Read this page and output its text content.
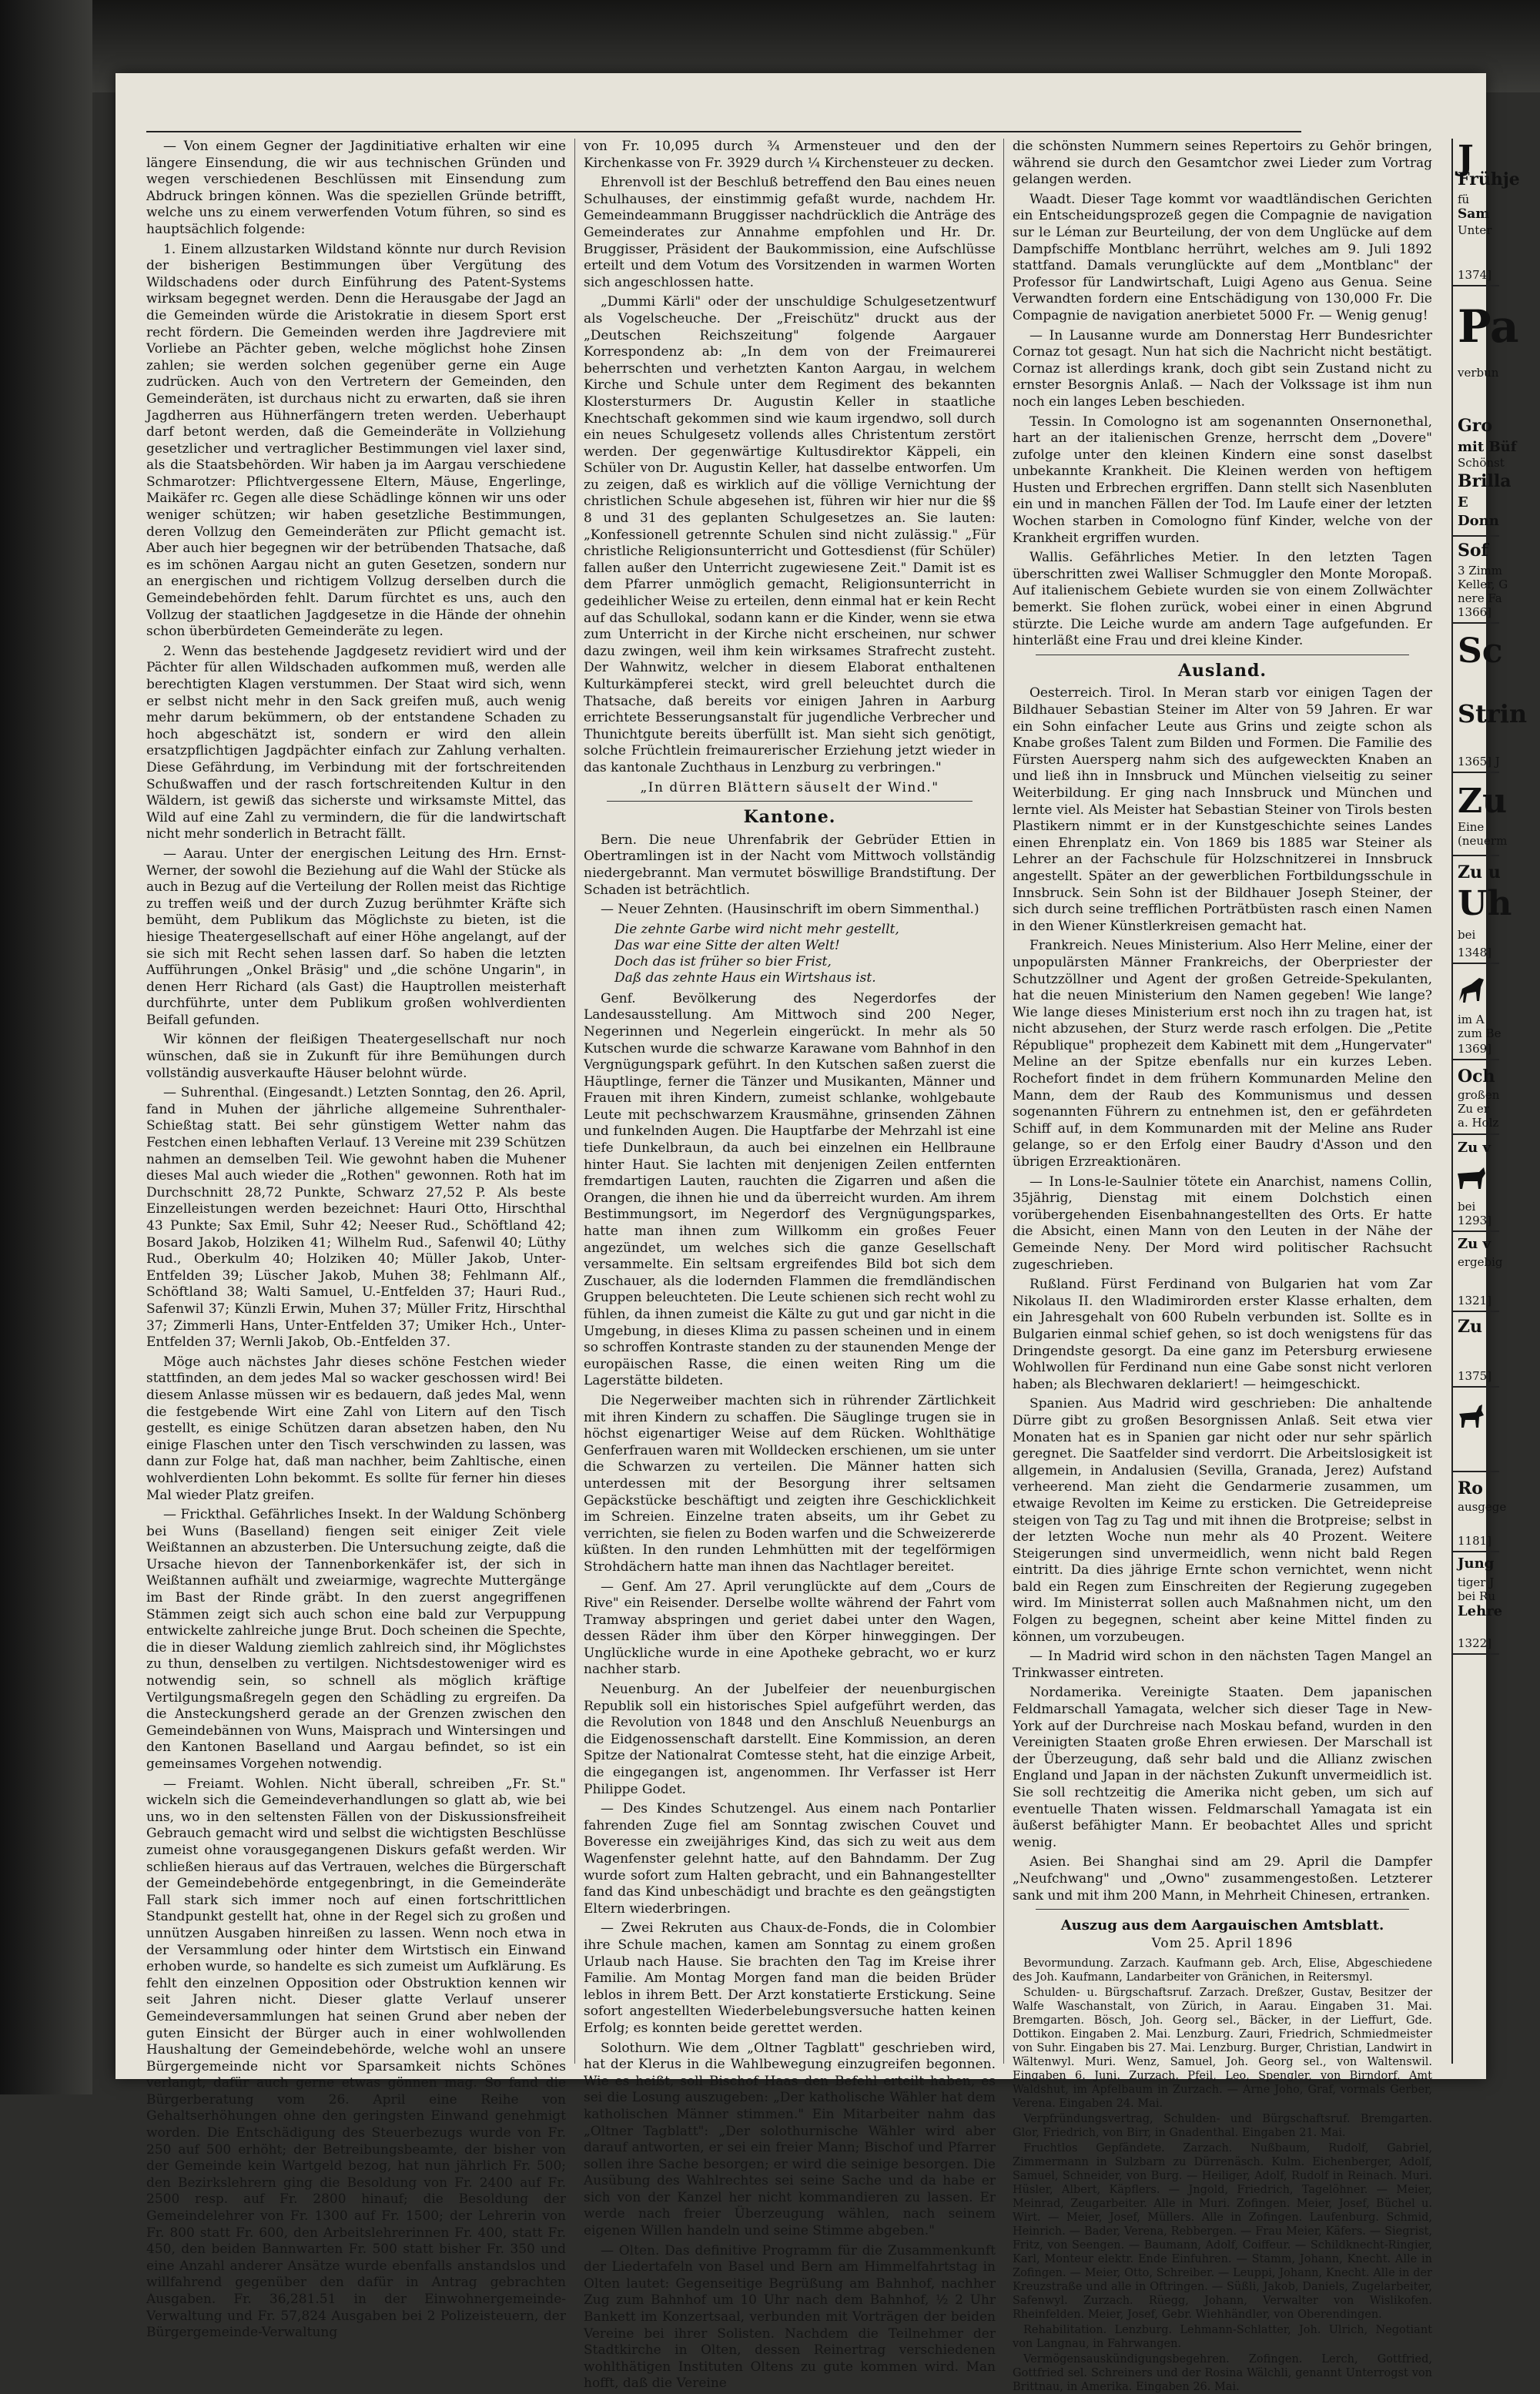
— Von einem Gegner der Jagdinitiative erhalten wir eine längere Einsendung, die wir aus technischen Gründen und wegen verschiedenen Beschlüssen mit Einsendung zum Abdruck bringen können. Was die speziellen Gründe betrifft, welche uns zu einem verwerfenden Votum führen, so sind es hauptsächlich folgende:

1. Einem allzustarken Wildstand könnte nur durch Revision der bisherigen Bestimmungen über Vergütung des Wildschadens oder durch Einführung des Patent-Systems wirksam begegnet werden. Denn die Herausgabe der Jagd an die Gemeinden würde die Aristokratie in diesem Sport erst recht fördern. Die Gemeinden werden ihre Jagdreviere mit Vorliebe an Pächter geben, welche möglichst hohe Zinsen zahlen; sie werden solchen gegenüber gerne ein Auge zudrücken. Auch von den Vertretern der Gemeinden, den Gemeinderäten, ist durchaus nicht zu erwarten, daß sie ihren Jagdherren aus Hühnerfängern treten werden. Ueberhaupt darf betont werden, daß die Gemeinderäte in Vollziehung gesetzlicher und vertraglicher Bestimmungen viel laxer sind, als die Staatsbehörden. Wir haben ja im Aargau verschiedene Schmarotzer: Pflichtvergessene Eltern, Mäuse, Engerlinge, Maikäfer rc. Gegen alle diese Schädlinge können wir uns oder weniger schützen; wir haben gesetzliche Bestimmungen, deren Vollzug den Gemeinderäten zur Pflicht gemacht ist. Aber auch hier begegnen wir der betrübenden Thatsache, daß es im schönen Aargau nicht an guten Gesetzen, sondern nur an energischen und richtigem Vollzug derselben durch die Gemeindebehörden fehlt. Darum fürchtet es uns, auch den Vollzug der staatlichen Jagdgesetze in die Hände der ohnehin schon überbürdeten Gemeinderäte zu legen.

2. Wenn das bestehende Jagdgesetz revidiert wird und der Pächter für allen Wildschaden aufkommen muß, werden alle berechtigten Klagen verstummen. Der Staat wird sich, wenn er selbst nicht mehr in den Sack greifen muß, auch wenig mehr darum bekümmern, ob der entstandene Schaden zu hoch abgeschätzt ist, sondern er wird den allein ersatzpflichtigen Jagdpächter einfach zur Zahlung verhalten. Diese Gefährdung, im Verbindung mit der fortschreitenden Schußwaffen und der rasch fortschreitenden Kultur in den Wäldern, ist gewiß das sicherste und wirksamste Mittel, das Wild auf eine Zahl zu vermindern, die für die landwirtschaft nicht mehr sonderlich in Betracht fällt.

— Aarau. Unter der energischen Leitung des Hrn. Ernst-Werner, der sowohl die Beziehung auf die Wahl der Stücke als auch in Bezug auf die Verteilung der Rollen meist das Richtige zu treffen weiß und der durch Zuzug berühmter Kräfte sich bemüht, dem Publikum das Möglichste zu bieten, ist die hiesige Theatergesellschaft auf einer Höhe angelangt, auf der sie sich mit Recht sehen lassen darf. So haben die letzten Aufführungen „Onkel Bräsig" und „die schöne Ungarin", in denen Herr Richard (als Gast) die Hauptrollen meisterhaft durchführte, unter dem Publikum großen wohlverdienten Beifall gefunden.

Wir können der fleißigen Theatergesellschaft nur noch wünschen, daß sie in Zukunft für ihre Bemühungen durch vollständig ausverkaufte Häuser belohnt würde.

— Suhrenthal. (Eingesandt.) Letzten Sonntag, den 26. April, fand in Muhen der jährliche allgemeine Suhrenthaler-Schießtag statt. Bei sehr günstigem Wetter nahm das Festchen einen lebhaften Verlauf. 13 Vereine mit 239 Schützen nahmen an demselben Teil. Wie gewohnt haben die Muhener dieses Mal auch wieder die „Rothen" gewonnen. Roth hat im Durchschnitt 28,72 Punkte, Schwarz 27,52 P. Als beste Einzelleistungen werden bezeichnet: Hauri Otto, Hirschthal 43 Punkte; Sax Emil, Suhr 42; Neeser Rud., Schöftland 42; Bosard Jakob, Holziken 41; Wilhelm Rud., Safenwil 40; Lüthy Rud., Oberkulm 40; Holziken 40; Müller Jakob, Unter-Entfelden 39; Lüscher Jakob, Muhen 38; Fehlmann Alf., Schöftland 38; Walti Samuel, U.-Entfelden 37; Hauri Rud., Safenwil 37; Künzli Erwin, Muhen 37; Müller Fritz, Hirschthal 37; Zimmerli Hans, Unter-Entfelden 37; Umiker Hch., Unter-Entfelden 37; Wernli Jakob, Ob.-Entfelden 37.

Möge auch nächstes Jahr dieses schöne Festchen wieder stattfinden, an dem jedes Mal so wacker geschossen wird! Bei diesem Anlasse müssen wir es bedauern, daß jedes Mal, wenn die festgebende Wirt eine Zahl von Litern auf den Tisch gestellt, es einige Schützen daran absetzen haben, den Nu einige Flaschen unter den Tisch verschwinden zu lassen, was dann zur Folge hat, daß man nachher, beim Zahltische, einen wohlverdienten Lohn bekommt. Es sollte für ferner hin dieses Mal wieder Platz greifen.

— Frickthal. Gefährliches Insekt. In der Waldung Schönberg bei Wuns (Baselland) fiengen seit einiger Zeit viele Weißtannen an abzusterben. Die Untersuchung zeigte, daß die Ursache hievon der Tannenborkenkäfer ist, der sich in Weißtannen aufhält und zweiarmige, wagrechte Muttergänge im Bast der Rinde gräbt. In den zuerst angegriffenen Stämmen zeigt sich auch schon eine bald zur Verpuppung entwickelte zahlreiche junge Brut. Doch scheinen die Spechte, die in dieser Waldung ziemlich zahlreich sind, ihr Möglichstes zu thun, denselben zu vertilgen. Nichtsdestoweniger wird es notwendig sein, so schnell als möglich kräftige Vertilgungsmaßregeln gegen den Schädling zu ergreifen. Da die Ansteckungsherd gerade an der Grenzen zwischen den Gemeindebännen von Wuns, Maisprach und Wintersingen und den Kantonen Baselland und Aargau befindet, so ist ein gemeinsames Vorgehen notwendig.

— Freiamt. Wohlen. Nicht überall, schreiben „Fr. St." wickeln sich die Gemeindeverhandlungen so glatt ab, wie bei uns, wo in den seltensten Fällen von der Diskussionsfreiheit Gebrauch gemacht wird und selbst die wichtigsten Beschlüsse zumeist ohne vorausgegangenen Diskurs gefaßt werden. Wir schließen hieraus auf das Vertrauen, welches die Bürgerschaft der Gemeindebehörde entgegenbringt, in die Gemeinderäte Fall stark sich immer noch auf einen fortschrittlichen Standpunkt gestellt hat, ohne in der Regel sich zu großen und unnützen Ausgaben hinreißen zu lassen. Wenn noch etwa in der Versammlung oder hinter dem Wirtstisch ein Einwand erhoben wurde, so handelte es sich zumeist um Aufklärung. Es fehlt den einzelnen Opposition oder Obstruktion kennen wir seit Jahren nicht. Dieser glatte Verlauf unserer Gemeindeversammlungen hat seinen Grund aber neben der guten Einsicht der Bürger auch in einer wohlwollenden Haushaltung der Gemeindebehörde, welche wohl an unsere Bürgergemeinde nicht vor Sparsamkeit nichts Schönes verlangt, dafür auch gerne etwas gönnen mag. So fand die Bürgerberatung vom 26. April eine Reihe von Gehaltserhöhungen ohne den geringsten Einwand genehmigt worden. Die Entschädigung des Steuerbezugs wurde von Fr. 250 auf 500 erhöht; der Betreibungsbeamte, der bisher von der Gemeinde kein Wartgeld bezog, hat nun jährlich Fr. 500; den Bezirkslehrern ging die Besoldung von Fr. 2400 auf Fr. 2500 resp. auf Fr. 2800 hinauf; die Besoldung der Gemeindelehrer von Fr. 1300 auf Fr. 1500; der Lehrerin von Fr. 800 statt Fr. 600, den Arbeitslehrerinnen Fr. 400, statt Fr. 450, den beiden Bannwarten Fr. 500 statt bisher Fr. 350 und eine Anzahl anderer Ansätze wurde ebenfalls anstandslos und willfahrend gegenüber den dafür in Antrag gebrachten Ausgaben. Fr. 36,281.51 in der Einwohnergemeinde-Verwaltung und Fr. 57,824 Ausgaben bei 2 Polizeisteuern, der Bürgergemeinde-Verwaltung

von Fr. 10,095 durch ¾ Armensteuer und den der Kirchenkasse von Fr. 3929 durch ¼ Kirchensteuer zu decken.

Ehrenvoll ist der Beschluß betreffend den Bau eines neuen Schulhauses, der einstimmig gefaßt wurde, nachdem Hr. Gemeindeammann Bruggisser nachdrücklich die Anträge des Gemeinderates zur Annahme empfohlen und Hr. Dr. Bruggisser, Präsident der Baukommission, eine Aufschlüsse erteilt und dem Votum des Vorsitzenden in warmen Worten sich angeschlossen hatte.

„Dummi Kärli" oder der unschuldige Schulgesetzentwurf als Vogelscheuche. Der „Freischütz" druckt aus der „Deutschen Reichszeitung" folgende Aargauer Korrespondenz ab: „In dem von der Freimaurerei beherrschten und verhetzten Kanton Aargau, in welchem Kirche und Schule unter dem Regiment des bekannten Klostersturmers Dr. Augustin Keller in staatliche Knechtschaft gekommen sind wie kaum irgendwo, soll durch ein neues Schulgesetz vollends alles Christentum zerstört werden. Der gegenwärtige Kultusdirektor Käppeli, ein Schüler von Dr. Augustin Keller, hat dasselbe entworfen. Um zu zeigen, daß es wirklich auf die völlige Vernichtung der christlichen Schule abgesehen ist, führen wir hier nur die §§ 8 und 31 des geplanten Schulgesetzes an. Sie lauten: „Konfessionell getrennte Schulen sind nicht zulässig." „Für christliche Religionsunterricht und Gottesdienst (für Schüler) fallen außer den Unterricht zugewiesene Zeit." Damit ist es dem Pfarrer unmöglich gemacht, Religionsunterricht in gedeihlicher Weise zu erteilen, denn einmal hat er kein Recht auf das Schullokal, sodann kann er die Kinder, wenn sie etwa zum Unterricht in der Kirche nicht erscheinen, nur schwer dazu zwingen, weil ihm kein wirksames Strafrecht zusteht. Der Wahnwitz, welcher in diesem Elaborat enthaltenen Kulturkämpferei steckt, wird grell beleuchtet durch die Thatsache, daß bereits vor einigen Jahren in Aarburg errichtete Besserungsanstalt für jugendliche Verbrecher und Thunichtgute bereits überfüllt ist. Man sieht sich genötigt, solche Früchtlein freimaurerischer Erziehung jetzt wieder in das kantonale Zuchthaus in Lenzburg zu verbringen."

„In dürren Blättern säuselt der Wind."

Kantone.

Bern. Die neue Uhrenfabrik der Gebrüder Ettien in Obertramlingen ist in der Nacht vom Mittwoch vollständig niedergebrannt. Man vermutet böswillige Brandstiftung. Der Schaden ist beträchtlich.

— Neuer Zehnten. (Hausinschrift im obern Simmenthal.)

Die zehnte Garbe wird nicht mehr gestellt,
Das war eine Sitte der alten Welt!
Doch das ist früher so bier Frist,
Daß das zehnte Haus ein Wirtshaus ist.

Genf. Bevölkerung des Negerdorfes der Landesausstellung. Am Mittwoch sind 200 Neger, Negerinnen und Negerlein eingerückt. In mehr als 50 Kutschen wurde die schwarze Karawane vom Bahnhof in den Vergnügungspark geführt. In den Kutschen saßen zuerst die Häuptlinge, ferner die Tänzer und Musikanten, Männer und Frauen mit ihren Kindern, zumeist schlanke, wohlgebaute Leute mit pechschwarzem Krausmähne, grinsenden Zähnen und funkelnden Augen. Die Hauptfarbe der Mehrzahl ist eine tiefe Dunkelbraun, da auch bei einzelnen ein Hellbraune hinter Haut. Sie lachten mit denjenigen Zeilen entfernten fremdartigen Lauten, rauchten die Zigarren und aßen die Orangen, die ihnen hie und da überreicht wurden. Am ihrem Bestimmungsort, im Negerdorf des Vergnügungsparkes, hatte man ihnen zum Willkomm ein großes Feuer angezündet, um welches sich die ganze Gesellschaft versammelte. Ein seltsam ergreifendes Bild bot sich dem Zuschauer, als die lodernden Flammen die fremdländischen Gruppen beleuchteten. Die Leute schienen sich recht wohl zu fühlen, da ihnen zumeist die Kälte zu gut und gar nicht in die Umgebung, in dieses Klima zu passen scheinen und in einem so schroffen Kontraste standen zu der staunenden Menge der europäischen Rasse, die einen weiten Ring um die Lagerstätte bildeten.

Die Negerweiber machten sich in rührender Zärtlichkeit mit ihren Kindern zu schaffen. Die Säuglinge trugen sie in höchst eigenartiger Weise auf dem Rücken. Wohlthätige Genferfrauen waren mit Wolldecken erschienen, um sie unter die Schwarzen zu verteilen. Die Männer hatten sich unterdessen mit der Besorgung ihrer seltsamen Gepäckstücke beschäftigt und zeigten ihre Geschicklichkeit im Schreien. Einzelne traten abseits, um ihr Gebet zu verrichten, sie fielen zu Boden warfen und die Schweizererde küßten. In den runden Lehmhütten mit der tegelförmigen Strohdächern hatte man ihnen das Nachtlager bereitet.

— Genf. Am 27. April verunglückte auf dem „Cours de Rive" ein Reisender. Derselbe wollte während der Fahrt vom Tramway abspringen und geriet dabei unter den Wagen, dessen Räder ihm über den Körper hinweggingen. Der Unglückliche wurde in eine Apotheke gebracht, wo er kurz nachher starb.

Neuenburg. An der Jubelfeier der neuenburgischen Republik soll ein historisches Spiel aufgeführt werden, das die Revolution von 1848 und den Anschluß Neuenburgs an die Eidgenossenschaft darstellt. Eine Kommission, an deren Spitze der Nationalrat Comtesse steht, hat die einzige Arbeit, die eingegangen ist, angenommen. Ihr Verfasser ist Herr Philippe Godet.

— Des Kindes Schutzengel. Aus einem nach Pontarlier fahrenden Zuge fiel am Sonntag zwischen Couvet und Boveresse ein zweijähriges Kind, das sich zu weit aus dem Wagenfenster gelehnt hatte, auf den Bahndamm. Der Zug wurde sofort zum Halten gebracht, und ein Bahnangestellter fand das Kind unbeschädigt und brachte es den geängstigten Eltern wiederbringen.

— Zwei Rekruten aus Chaux-de-Fonds, die in Colombier ihre Schule machen, kamen am Sonntag zu einem großen Urlaub nach Hause. Sie brachten den Tag im Kreise ihrer Familie. Am Montag Morgen fand man die beiden Brüder leblos in ihrem Bett. Der Arzt konstatierte Erstickung. Seine sofort angestellten Wiederbelebungsversuche hatten keinen Erfolg; es konnten beide gerettet werden.

Solothurn. Wie dem „Oltner Tagblatt" geschrieben wird, hat der Klerus in die Wahlbewegung einzugreifen begonnen. Wie es heißt, soll Bischof Haas den Befehl erteilt haben, es sei die Losung auszugeben: „Der katholische Wähler hat dem katholischen Männer stimmen." Ein Mitarbeiter nahm das „Oltner Tagblatt": „Der solothurnische Wähler wird aber darauf antworten, er sei ein freier Mann; Bischof und Pfarrer sollen ihre Sache besorgen; er wird die seinige besorgen. Die Ausübung des Wahlrechtes sei seine Sache und da habe er sich von der Kanzel her nicht kommandieren zu lassen. Er werde nach freier Überzeugung wählen, nach seinem eigenen Willen handeln und seine Stimme abgeben."

— Olten. Das definitive Programm für die Zusammenkunft der Liedertafeln von Basel und Bern am Himmelfahrtstag in Olten lautet: Gegenseitige Begrüßung am Bahnhof, nachher Zug zum Bahnhof um 10 Uhr nach dem Bahnhof, ½ 2 Uhr Bankett im Konzertsaal, verbunden mit Vorträgen der beiden Vereine bei ihrer Solisten. Nachdem die Teilnehmer der Stadtkirche in Olten, dessen Reinertrag verschiedenen wohlthätigen Instituten Oltens zu gute kommen wird. Man hofft, daß die Vereine

die schönsten Nummern seines Repertoirs zu Gehör bringen, während sie durch den Gesamtchor zwei Lieder zum Vortrag gelangen werden.

Waadt. Dieser Tage kommt vor waadtländischen Gerichten ein Entscheidungsprozeß gegen die Compagnie de navigation sur le Léman zur Beurteilung, der von dem Unglücke auf dem Dampfschiffe Montblanc herrührt, welches am 9. Juli 1892 stattfand. Damals verunglückte auf dem „Montblanc" der Professor für Landwirtschaft, Luigi Ageno aus Genua. Seine Verwandten fordern eine Entschädigung von 130,000 Fr. Die Compagnie de navigation anerbietet 5000 Fr. — Wenig genug!

— In Lausanne wurde am Donnerstag Herr Bundesrichter Cornaz tot gesagt. Nun hat sich die Nachricht nicht bestätigt. Cornaz ist allerdings krank, doch gibt sein Zustand nicht zu ernster Besorgnis Anlaß. — Nach der Volkssage ist ihm nun noch ein langes Leben beschieden.

Tessin. In Comologno ist am sogenannten Onsernonethal, hart an der italienischen Grenze, herrscht dem „Dovere" zufolge unter den kleinen Kindern eine sonst daselbst unbekannte Krankheit. Die Kleinen werden von heftigem Husten und Erbrechen ergriffen. Dann stellt sich Nasenbluten ein und in manchen Fällen der Tod. Im Laufe einer der letzten Wochen starben in Comologno fünf Kinder, welche von der Krankheit ergriffen wurden.

Wallis. Gefährliches Metier. In den letzten Tagen überschritten zwei Walliser Schmuggler den Monte Moropaß. Auf italienischem Gebiete wurden sie von einem Zollwächter bemerkt. Sie flohen zurück, wobei einer in einen Abgrund stürzte. Die Leiche wurde am andern Tage aufgefunden. Er hinterläßt eine Frau und drei kleine Kinder.

Ausland.

Oesterreich. Tirol. In Meran starb vor einigen Tagen der Bildhauer Sebastian Steiner im Alter von 59 Jahren. Er war ein Sohn einfacher Leute aus Grins und zeigte schon als Knabe großes Talent zum Bilden und Formen. Die Familie des Fürsten Auersperg nahm sich des aufgeweckten Knaben an und ließ ihn in Innsbruck und München vielseitig zu seiner Weiterbildung. Er ging nach Innsbruck und München und lernte viel. Als Meister hat Sebastian Steiner von Tirols besten Plastikern nimmt er in der Kunstgeschichte seines Landes einen Ehrenplatz ein. Von 1869 bis 1885 war Steiner als Lehrer an der Fachschule für Holzschnitzerei in Innsbruck angestellt. Später an der gewerblichen Fortbildungsschule in Innsbruck. Sein Sohn ist der Bildhauer Joseph Steiner, der sich durch seine trefflichen Porträtbüsten rasch einen Namen in den Wiener Künstlerkreisen gemacht hat.

Frankreich. Neues Ministerium. Also Herr Meline, einer der unpopulärsten Männer Frankreichs, der Oberpriester der Schutzzöllner und Agent der großen Getreide-Spekulanten, hat die neuen Ministerium den Namen gegeben! Wie lange? Wie lange dieses Ministerium erst noch ihn zu tragen hat, ist nicht abzusehen, der Sturz werde rasch erfolgen. Die „Petite République" prophezeit dem Kabinett mit dem „Hungervater" Meline an der Spitze ebenfalls nur ein kurzes Leben. Rochefort findet in dem frühern Kommunarden Meline den Mann, dem der Raub des Kommunismus und dessen sogenannten Führern zu entnehmen ist, den er gefährdeten Schiff auf, in dem Kommunarden mit der Meline ans Ruder gelange, so er den Erfolg einer Baudry d'Asson und den übrigen Erzreaktionären.

— In Lons-le-Saulnier tötete ein Anarchist, namens Collin, 35jährig, Dienstag mit einem Dolchstich einen vorübergehenden Eisenbahnangestellten des Orts. Er hatte die Absicht, einen Mann von den Leuten in der Nähe der Gemeinde Neny. Der Mord wird politischer Rachsucht zugeschrieben.

Rußland. Fürst Ferdinand von Bulgarien hat vom Zar Nikolaus II. den Wladimirorden erster Klasse erhalten, dem ein Jahresgehalt von 600 Rubeln verbunden ist. Sollte es in Bulgarien einmal schief gehen, so ist doch wenigstens für das Dringendste gesorgt. Da eine ganz im Petersburg erwiesene Wohlwollen für Ferdinand nun eine Gabe sonst nicht verloren haben; als Blechwaren deklariert! — heimgeschickt.

Spanien. Aus Madrid wird geschrieben: Die anhaltende Dürre gibt zu großen Besorgnissen Anlaß. Seit etwa vier Monaten hat es in Spanien gar nicht oder nur sehr spärlich geregnet. Die Saatfelder sind verdorrt. Die Arbeitslosigkeit ist allgemein, in Andalusien (Sevilla, Granada, Jerez) Aufstand verheerend. Man zieht die Gendarmerie zusammen, um etwaige Revolten im Keime zu ersticken. Die Getreidepreise steigen von Tag zu Tag und mit ihnen die Brotpreise; selbst in der letzten Woche nun mehr als 40 Prozent. Weitere Steigerungen sind unvermeidlich, wenn nicht bald Regen eintritt. Da dies jährige Ernte schon vernichtet, wenn nicht bald ein Regen zum Einschreiten der Regierung zugegeben wird. Im Ministerrat sollen auch Maßnahmen nicht, um den Folgen zu begegnen, scheint aber keine Mittel finden zu können, um vorzubeugen.

— In Madrid wird schon in den nächsten Tagen Mangel an Trinkwasser eintreten.

Nordamerika. Vereinigte Staaten. Dem japanischen Feldmarschall Yamagata, welcher sich dieser Tage in New-York auf der Durchreise nach Moskau befand, wurden in den Vereinigten Staaten große Ehren erwiesen. Der Marschall ist der Überzeugung, daß sehr bald und die Allianz zwischen England und Japan in der nächsten Zukunft unvermeidlich ist. Sie soll rechtzeitig die Amerika nicht geben, um sich auf eventuelle Thaten wissen. Feldmarschall Yamagata ist ein äußerst befähigter Mann. Er beobachtet Alles und spricht wenig.

Asien. Bei Shanghai sind am 29. April die Dampfer „Neufchwang" und „Owno" zusammengestoßen. Letzterer sank und mit ihm 200 Mann, in Mehrheit Chinesen, ertranken.

Auszug aus dem Aargauischen Amtsblatt.
Vom 25. April 1896

Bevormundung. Zarzach. Kaufmann geb. Arch, Elise, Abgeschiedene des Joh. Kaufmann, Landarbeiter von Gränichen, in Reitersmyl.

Schulden- u. Bürgschaftsruf. Zarzach. Dreßzer, Gustav, Besitzer der Walfe Waschanstalt, von Zürich, in Aarau. Eingaben 31. Mai. Bremgarten. Bösch, Joh. Georg sel., Bäcker, in der Lieffurt, Gde. Dottikon. Eingaben 2. Mai. Lenzburg. Zauri, Friedrich, Schmiedmeister von Suhr. Eingaben bis 27. Mai. Lenzburg. Burger, Christian, Landwirt in Wältenwyl. Muri. Wenz, Samuel, Joh. Georg sel., von Waltenswil. Eingaben 6. Juni. Zurzach. Pfeil, Leo, Spengler, von Birndorf, Amt Waldshut, im Apfelbaum in Zurzach. — Arne Joho, Graf, vormals Gerber, Verena. Eingaben 24. Mai.

Verpfründungsvertrag, Schulden- und Bürgschaftsruf. Bremgarten. Glor, Friedrich, von Birr, in Gnadenthal. Eingaben 21. Mai.

Fruchtlos Gepfändete. Zarzach. Nußbaum, Rudolf, Gabriel, Zimmermann in Sulzbarn zu Dürrenäsch. Kulm. Eichenberger, Adolf, Samuel, Schneider, von Burg. — Heiliger, Adolf, Rudolf in Reinach. Muri. Hüsler, Albert, Käpflers. — Jngold, Friedrich, Tagelöhner. — Meier, Meinrad, Zeugarbeiter. Alle in Muri. Zofingen. Meier, Josef, Büchel u. Wirt. — Meier, Josef, Müllers. Alle in Zofingen. Laufenburg. Schmid, Heinrich. — Bader, Verena, Rebbergen. — Frau Meier, Käfers. — Siegrist, Fritz, von Seengen. — Baumann, Adolf, Coiffeur. — Schildknecht-Ringier, Karl, Monteur elektr. Ende Einfuhren. — Stamm, Johann, Knecht. Alle in Zofingen. — Meier, Otto, Schreiber. — Leuppi, Johann, Knecht. Alle in der Kreuzstraße und alle in Oftringen. — Süßli, Jakob, Daniels, Zugelarbeiter, Safenwyl. Zurzach. Rüegg, Johann, Verwalter von Wislikofen. Rheinfelden. Meier, Josef, Gebr. Wiehhändler, von Oberendingen.

Rehabilitation. Lenzburg. Lehmann-Schlatter, Joh. Ulrich, Negotiant von Langnau, in Fahrwangen.

Vermögensauskündigungsbegehren. Zofingen. Lerch, Gottfried, Gottfried sel. Schreiners und der Rosina Wälchli, genannt Unterrogst von Brittnau, in Amerika. Eingaben 26. Mai.

J
Frühje
fü
Sam
Unter
1374]
Pa
verbun
Gro
mit Büf
Schönst
Brilla
E
Donn
Sof
3 Zimm
Keller, G
nere Fa
1366]
Sc
Strin
1365] J
Zu
Eine
(neuerm
Zu u
Uh
bei
1348]
im A
zum Be
1369]
Och
großen
Zu er
a. Holz
Zu v
bei
1293]
Zu v
ergebig
1321]
Zu
1375]
Ro
ausgege
1181]
Jung
tiger J
bei Ru
Lehre
1322]
